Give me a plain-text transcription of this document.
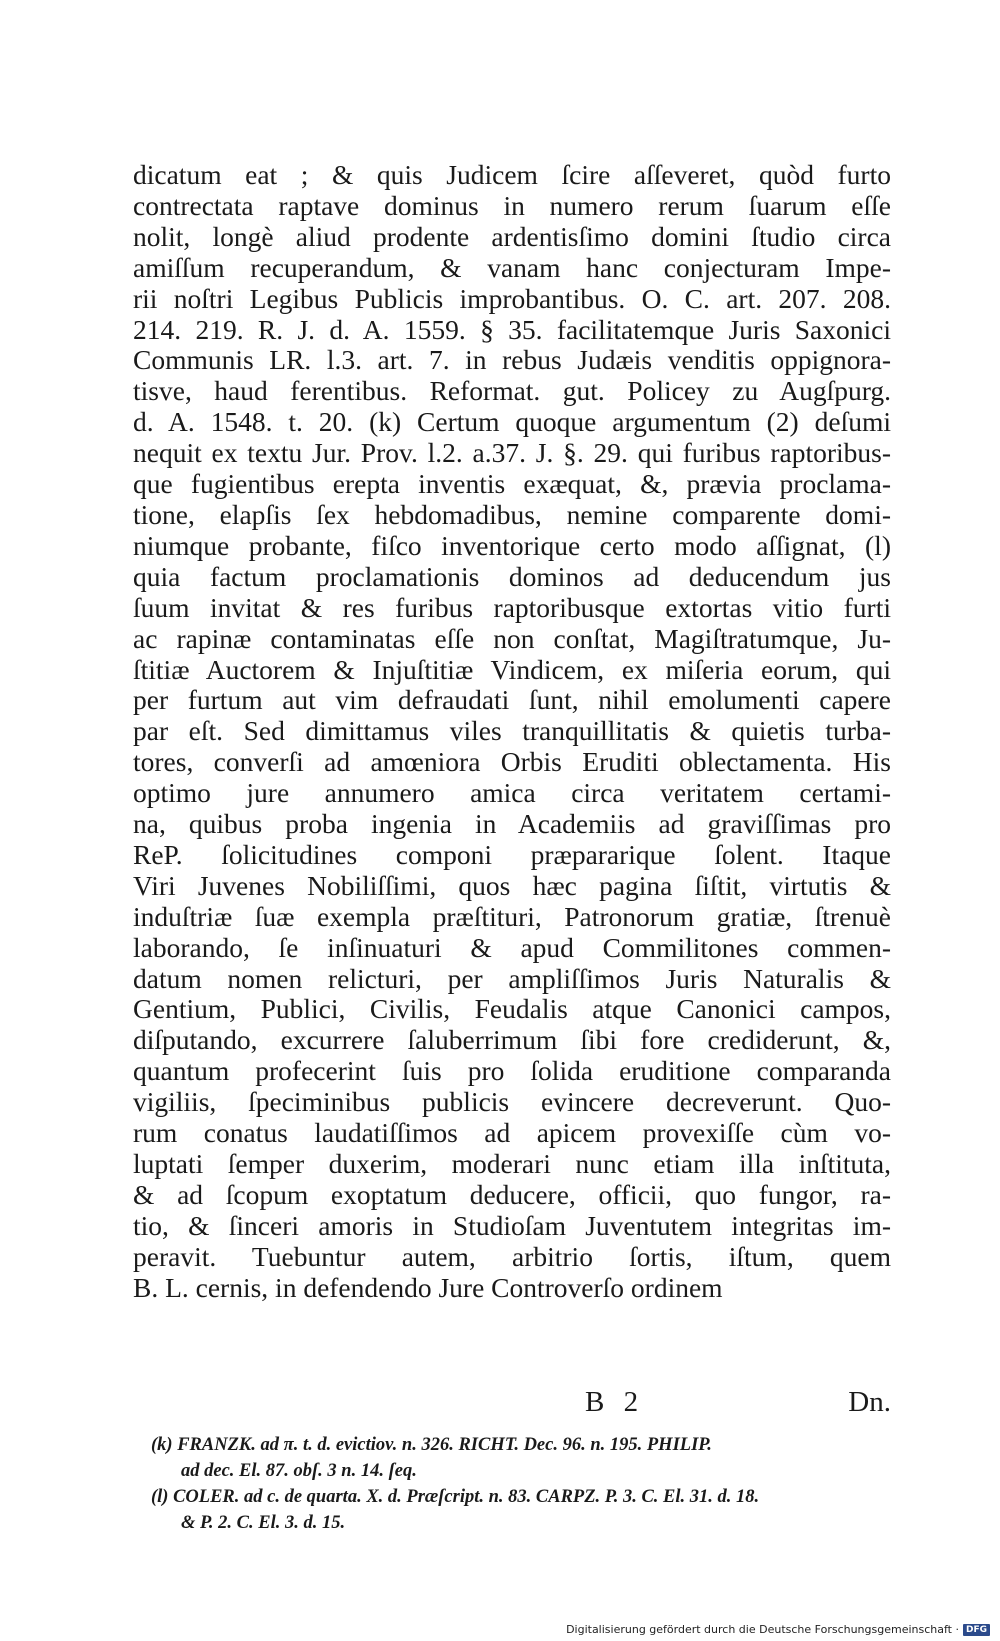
dicatum eat ; & quis Judicem ſcire aſſeveret, quòd furto
contrectata raptave dominus in numero rerum ſuarum eſſe
nolit, longè aliud prodente ardentisſimo domini ſtudio circa
amiſſum recuperandum, & vanam hanc conjecturam Impe-
rii noſtri Legibus Publicis improbantibus. O. C. art. 207. 208.
214. 219. R. J. d. A. 1559. § 35. facilitatemque Juris Saxonici
Communis LR. l.3. art. 7. in rebus Judæis venditis oppignora-
tisve, haud ferentibus. Reformat. gut. Policey zu Augſpurg.
d. A. 1548. t. 20. (k) Certum quoque argumentum (2) deſumi
nequit ex textu Jur. Prov. l.2. a.37. J. §. 29. qui furibus raptoribus-
que fugientibus erepta inventis exæquat, &, prævia proclama-
tione, elapſis ſex hebdomadibus, nemine comparente domi-
niumque probante, fiſco inventorique certo modo aſſignat, (l)
quia factum proclamationis dominos ad deducendum jus
ſuum invitat & res furibus raptoribusque extortas vitio furti
ac rapinæ contaminatas eſſe non conſtat, Magiſtratumque, Ju-
ſtitiæ Auctorem & Injuſtitiæ Vindicem, ex miſeria eorum, qui
per furtum aut vim defraudati ſunt, nihil emolumenti capere
par eſt. Sed dimittamus viles tranquillitatis & quietis turba-
tores, converſi ad amœniora Orbis Eruditi oblectamenta. His
optimo jure annumero amica circa veritatem certami-
na, quibus proba ingenia in Academiis ad graviſſimas pro
ReP. ſolicitudines componi præpararique ſolent. Itaque
Viri Juvenes Nobiliſſimi, quos hæc pagina ſiſtit, virtutis &
induſtriæ ſuæ exempla præſtituri, Patronorum gratiæ, ſtrenuè
laborando, ſe inſinuaturi & apud Commilitones commen-
datum nomen relicturi, per ampliſſimos Juris Naturalis &
Gentium, Publici, Civilis, Feudalis atque Canonici campos,
diſputando, excurrere ſaluberrimum ſibi fore crediderunt, &,
quantum profecerint ſuis pro ſolida eruditione comparanda
vigiliis, ſpeciminibus publicis evincere decreverunt. Quo-
rum conatus laudatiſſimos ad apicem provexiſſe cùm vo-
luptati ſemper duxerim, moderari nunc etiam illa inſtituta,
& ad ſcopum exoptatum deducere, officii, quo fungor, ra-
tio, & ſinceri amoris in Studioſam Juventutem integritas im-
peravit. Tuebuntur autem, arbitrio ſortis, iſtum, quem
B. L. cernis, in defendendo Jure Controverſo ordinem
B 2	Dn.
(k) FRANZK. ad π. t. d. evictiov. n. 326. RICHT. Dec. 96. n. 195. PHILIP.
ad dec. El. 87. obſ. 3 n. 14. ſeq.
(l) COLER. ad c. de quarta. X. d. Præſcript. n. 83. CARPZ. P. 3. C. El. 31. d. 18.
& P. 2. C. El. 3. d. 15.
Digitalisierung gefördert durch die Deutsche Forschungsgemeinschaft · DFG
